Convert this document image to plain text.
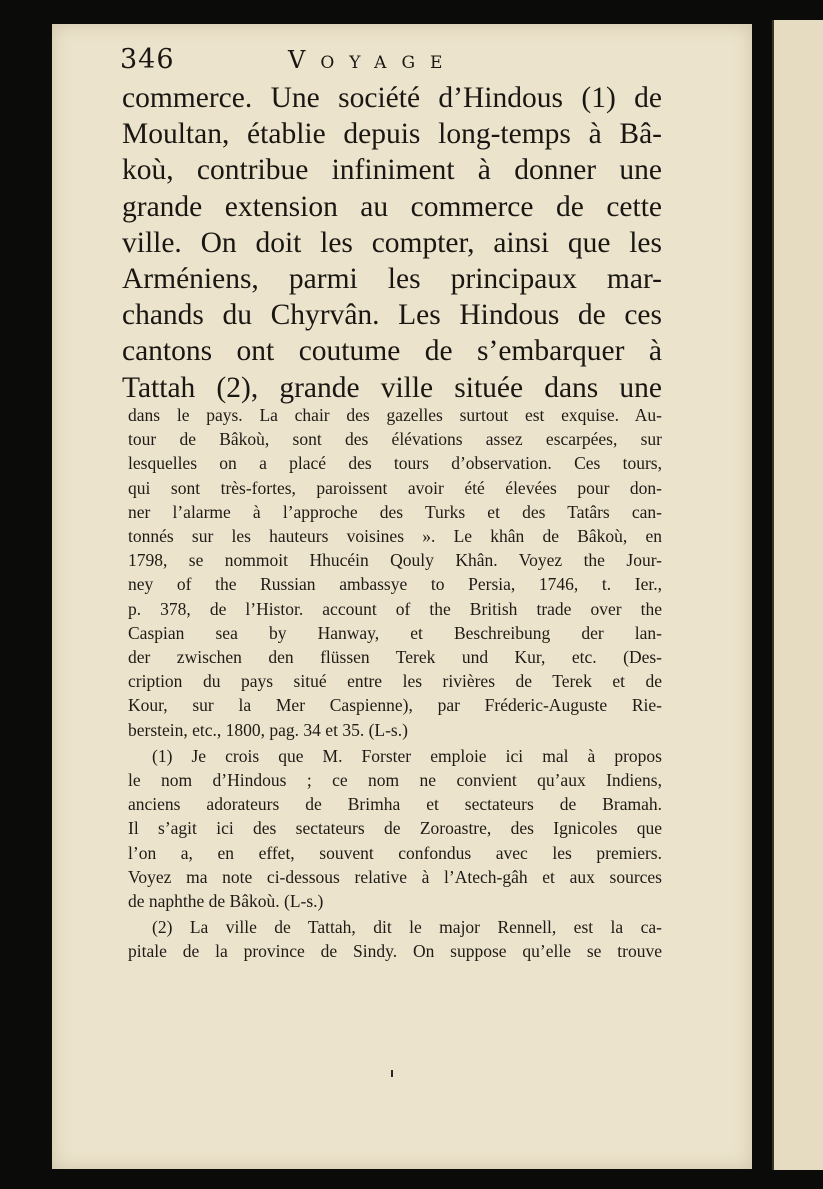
346	Voyage
commerce. Une société d’Hindous (1) de
Moultan, établie depuis long-temps à Bâ-
koù, contribue infiniment à donner une
grande extension au commerce de cette
ville. On doit les compter, ainsi que les
Arméniens, parmi les principaux mar-
chands du Chyrvân. Les Hindous de ces
cantons ont coutume de s’embarquer à
Tattah (2), grande ville située dans une
dans le pays. La chair des gazelles surtout est exquise. Au-
tour de Bâkoù, sont des élévations assez escarpées, sur
lesquelles on a placé des tours d’observation. Ces tours,
qui sont très-fortes, paroissent avoir été élevées pour don-
ner l’alarme à l’approche des Turks et des Tatârs can-
tonnés sur les hauteurs voisines ». Le khân de Bâkoù, en
1798, se nommoit Hhucéin Qouly Khân. Voyez the Jour-
ney of the Russian ambassye to Persia, 1746, t. Ier.,
p. 378, de l’Histor. account of the British trade over the
Caspian sea by Hanway, et Beschreibung der lan-
der zwischen den flüssen Terek und Kur, etc. (Des-
cription du pays situé entre les rivières de Terek et de
Kour, sur la Mer Caspienne), par Fréderic-Auguste Rie-
berstein, etc., 1800, pag. 34 et 35. (L-s.)
(1) Je crois que M. Forster emploie ici mal à propos
le nom d’Hindous ; ce nom ne convient qu’aux Indiens,
anciens adorateurs de Brimha et sectateurs de Bramah.
Il s’agit ici des sectateurs de Zoroastre, des Ignicoles que
l’on a, en effet, souvent confondus avec les premiers.
Voyez ma note ci-dessous relative à l’Atech-gâh et aux sources
de naphthe de Bâkoù. (L-s.)
(2) La ville de Tattah, dit le major Rennell, est la ca-
pitale de la province de Sindy. On suppose qu’elle se trouve
